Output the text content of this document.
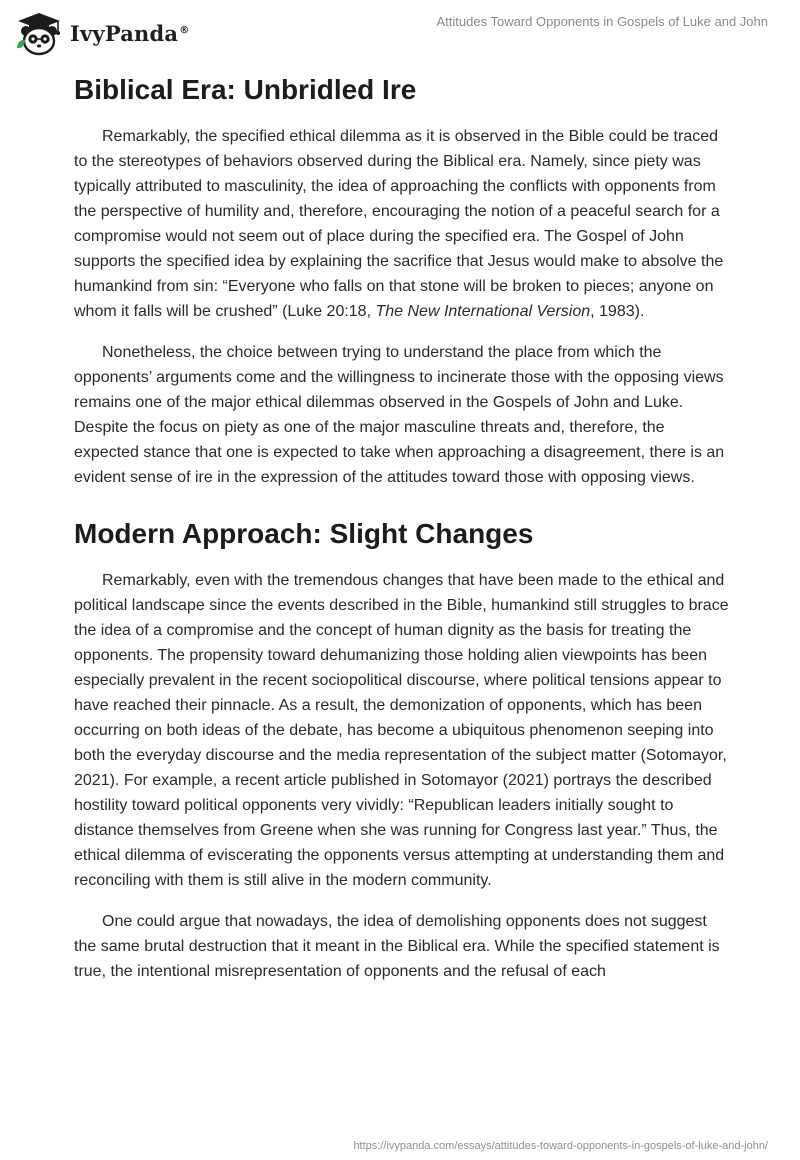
IvyPanda®
Attitudes Toward Opponents in Gospels of Luke and John
Biblical Era: Unbridled Ire

Remarkably, the specified ethical dilemma as it is observed in the Bible could be traced to the stereotypes of behaviors observed during the Biblical era. Namely, since piety was typically attributed to masculinity, the idea of approaching the conflicts with opponents from the perspective of humility and, therefore, encouraging the notion of a peaceful search for a compromise would not seem out of place during the specified era. The Gospel of John supports the specified idea by explaining the sacrifice that Jesus would make to absolve the humankind from sin: “Everyone who falls on that stone will be broken to pieces; anyone on whom it falls will be crushed” (Luke 20:18, The New International Version, 1983).

Nonetheless, the choice between trying to understand the place from which the opponents’ arguments come and the willingness to incinerate those with the opposing views remains one of the major ethical dilemmas observed in the Gospels of John and Luke. Despite the focus on piety as one of the major masculine threats and, therefore, the expected stance that one is expected to take when approaching a disagreement, there is an evident sense of ire in the expression of the attitudes toward those with opposing views.

Modern Approach: Slight Changes

Remarkably, even with the tremendous changes that have been made to the ethical and political landscape since the events described in the Bible, humankind still struggles to brace the idea of a compromise and the concept of human dignity as the basis for treating the opponents. The propensity toward dehumanizing those holding alien viewpoints has been especially prevalent in the recent sociopolitical discourse, where political tensions appear to have reached their pinnacle. As a result, the demonization of opponents, which has been occurring on both ideas of the debate, has become a ubiquitous phenomenon seeping into both the everyday discourse and the media representation of the subject matter (Sotomayor, 2021). For example, a recent article published in Sotomayor (2021) portrays the described hostility toward political opponents very vividly: “Republican leaders initially sought to distance themselves from Greene when she was running for Congress last year.” Thus, the ethical dilemma of eviscerating the opponents versus attempting at understanding them and reconciling with them is still alive in the modern community.

One could argue that nowadays, the idea of demolishing opponents does not suggest the same brutal destruction that it meant in the Biblical era. While the specified statement is true, the intentional misrepresentation of opponents and the refusal of each

https://ivypanda.com/essays/attitudes-toward-opponents-in-gospels-of-luke-and-john/
